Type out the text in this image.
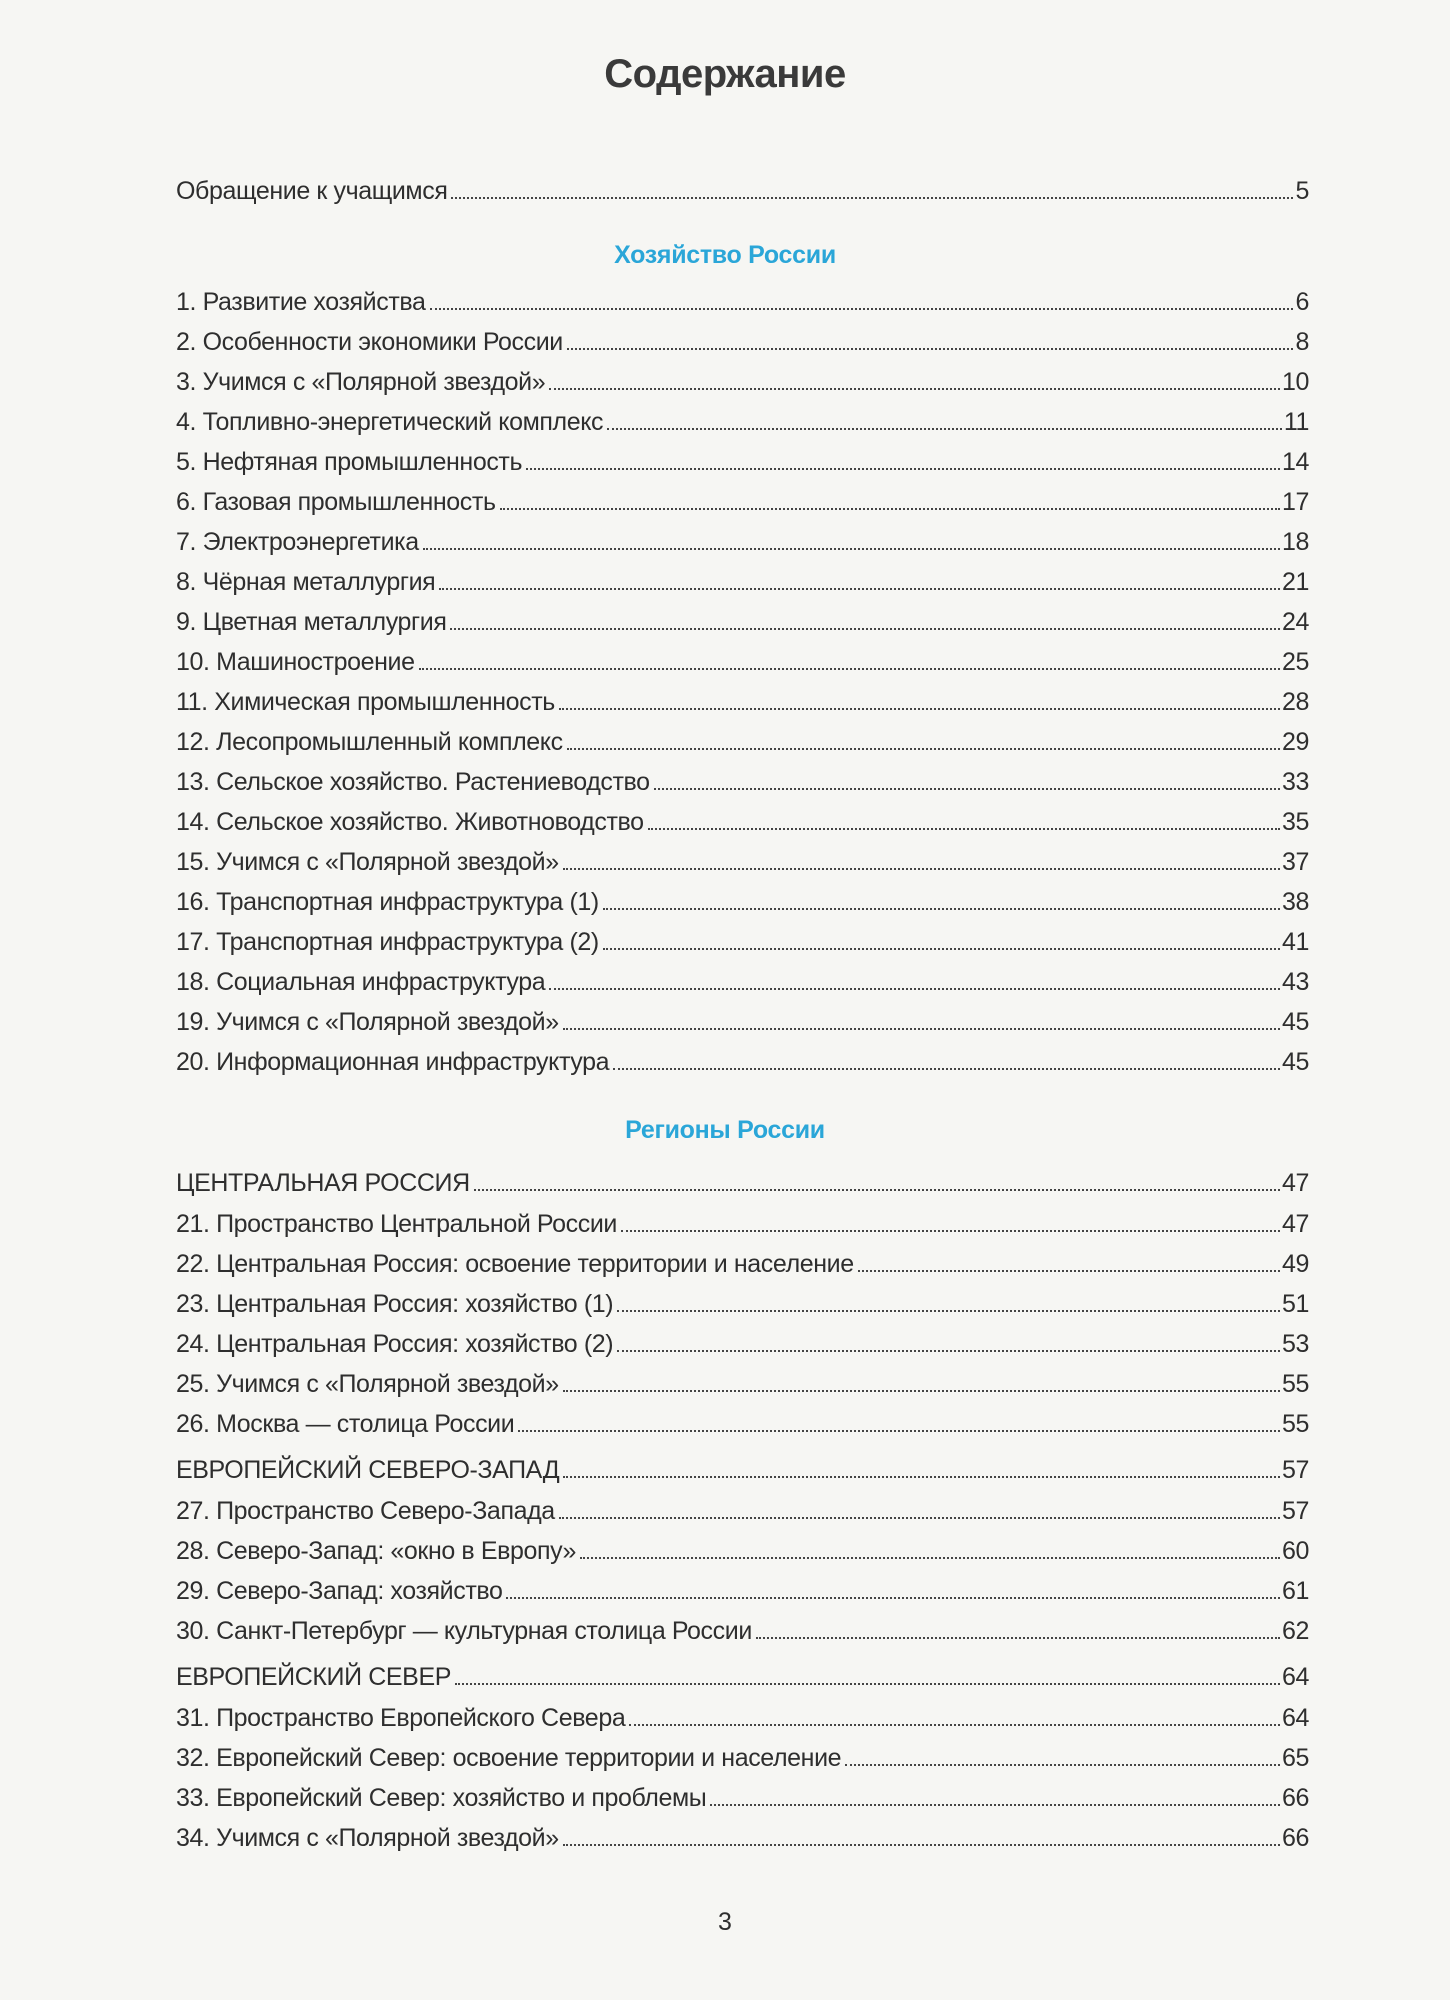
Содержание
Обращение к учащимся	5
Хозяйство России
1. Развитие хозяйства	6
2. Особенности экономики России	8
3. Учимся с «Полярной звездой»	10
4. Топливно-энергетический комплекс	11
5. Нефтяная промышленность	14
6. Газовая промышленность	17
7. Электроэнергетика	18
8. Чёрная металлургия	21
9. Цветная металлургия	24
10. Машиностроение	25
11. Химическая промышленность	28
12. Лесопромышленный комплекс	29
13. Сельское хозяйство. Растениеводство	33
14. Сельское хозяйство. Животноводство	35
15. Учимся с «Полярной звездой»	37
16. Транспортная инфраструктура (1)	38
17. Транспортная инфраструктура (2)	41
18. Социальная инфраструктура	43
19. Учимся с «Полярной звездой»	45
20. Информационная инфраструктура	45
Регионы России
ЦЕНТРАЛЬНАЯ РОССИЯ	47
21. Пространство Центральной России	47
22. Центральная Россия: освоение территории и население	49
23. Центральная Россия: хозяйство (1)	51
24. Центральная Россия: хозяйство (2)	53
25. Учимся с «Полярной звездой»	55
26. Москва — столица России	55
ЕВРОПЕЙСКИЙ СЕВЕРО-ЗАПАД	57
27. Пространство Северо-Запада	57
28. Северо-Запад: «окно в Европу»	60
29. Северо-Запад: хозяйство	61
30. Санкт-Петербург — культурная столица России	62
ЕВРОПЕЙСКИЙ СЕВЕР	64
31. Пространство Европейского Севера	64
32. Европейский Север: освоение территории и население	65
33. Европейский Север: хозяйство и проблемы	66
34. Учимся с «Полярной звездой»	66
3
